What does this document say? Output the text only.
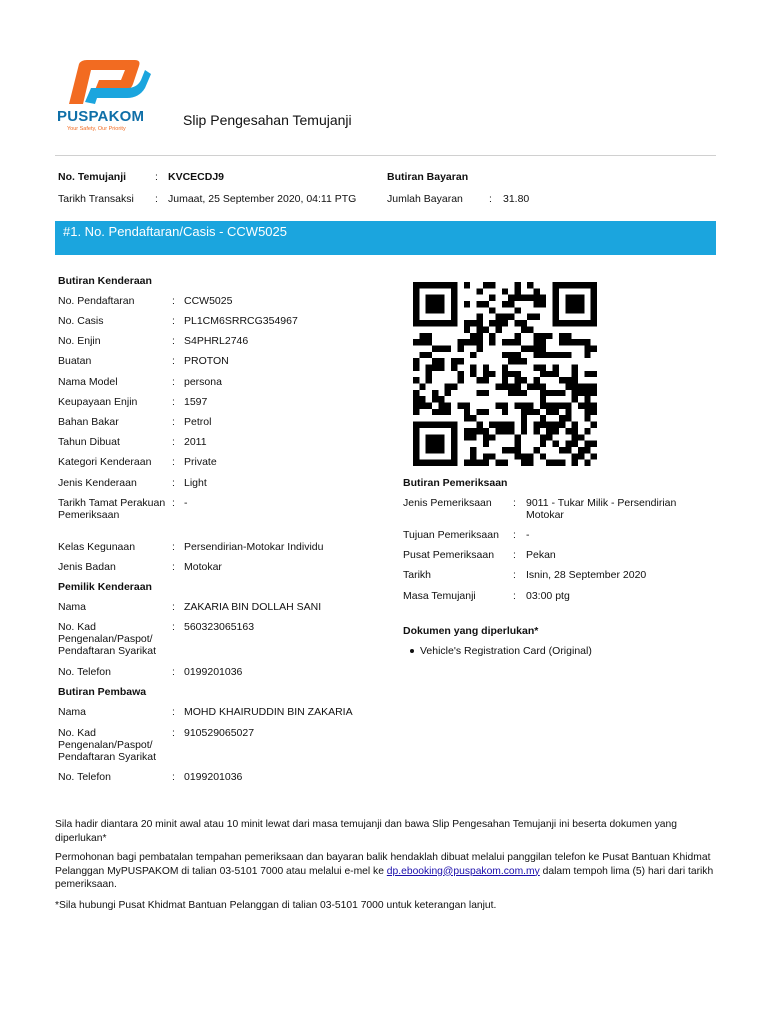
PUSPAKOM
Your Safety, Our Priority
Slip Pengesahan Temujanji
No. Temujanji	: KVCECDJ9
Tarikh Transaksi : Jumaat, 25 September 2020, 04:11 PTG
Butiran Bayaran
Jumlah Bayaran : 31.80
#1. No. Pendaftaran/Casis - CCW5025
Butiran Kenderaan
No. Pendaftaran	: CCW5025
No. Casis	: PL1CM6SRRCG354967
No. Enjin	: S4PHRL2746
Buatan	: PROTON
Nama Model	: persona
Keupayaan Enjin	: 1597
Bahan Bakar	: Petrol
Tahun Dibuat	: 2011
Kategori Kenderaan	: Private
Jenis Kenderaan	: Light
Tarikh Tamat Perakuan Pemeriksaan
: -
Kelas Kegunaan	: Persendirian-Motokar Individu
Jenis Badan	: Motokar
Pemilik Kenderaan
Nama	: ZAKARIA BIN DOLLAH SANI
No. Kad Pengenalan/Paspot/ Pendaftaran Syarikat
: 560323065163
No. Telefon	: 0199201036
Butiran Pembawa
Nama	: MOHD KHAIRUDDIN BIN ZAKARIA
No. Kad Pengenalan/Paspot/ Pendaftaran Syarikat
: 910529065027
No. Telefon	: 0199201036
Butiran Pemeriksaan
Jenis Pemeriksaan : 9011 - Tukar Milik - Persendirian Motokar
Tujuan Pemeriksaan : -
Pusat Pemeriksaan : Pekan
Tarikh	: Isnin, 28 September 2020
Masa Temujanji	: 03:00 ptg
Dokumen yang diperlukan*
Vehicle's Registration Card (Original)
Sila hadir diantara 20 minit awal atau 10 minit lewat dari masa temujanji dan bawa Slip Pengesahan Temujanji ini beserta dokumen yang diperlukan*
Permohonan bagi pembatalan tempahan pemeriksaan dan bayaran balik hendaklah dibuat melalui panggilan telefon ke Pusat Bantuan Khidmat Pelanggan MyPUSPAKOM di talian 03-5101 7000 atau melalui e-mel ke dp.ebooking@puspakom.com.my dalam tempoh lima (5) hari dari tarikh pemeriksaan.
*Sila hubungi Pusat Khidmat Bantuan Pelanggan di talian 03-5101 7000 untuk keterangan lanjut.
